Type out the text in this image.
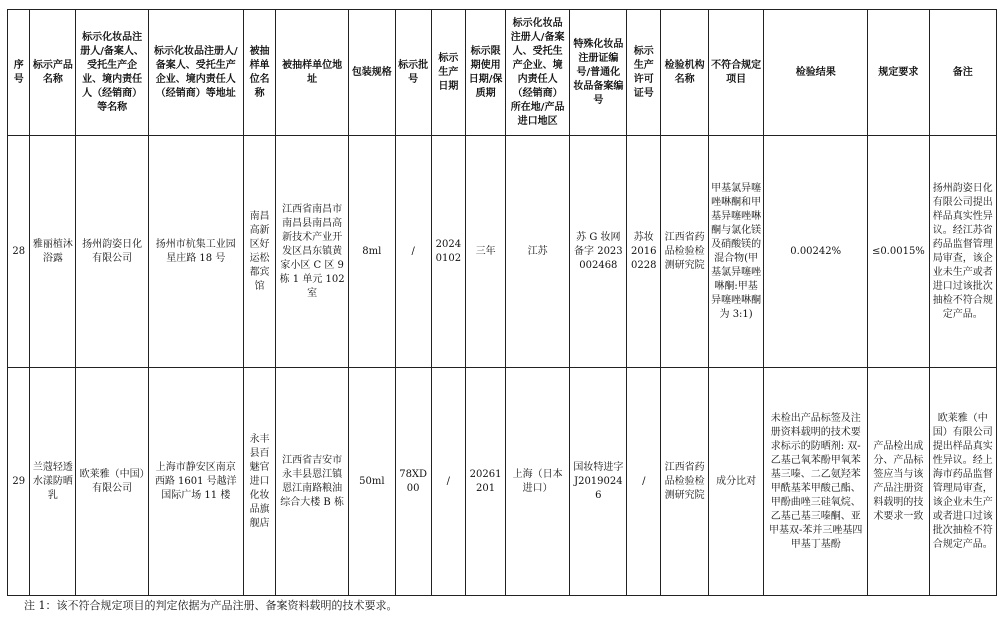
序号	标示产品名称	标示化妆品注册人/备案人、受托生产企业、境内责任人（经销商）等名称	标示化妆品注册人/备案人、受托生产企业、境内责任人（经销商）等地址	被抽样单位名称	被抽样单位地址	包装规格	标示批号	标示生产日期	标示限期使用日期/保质期	标示化妆品注册人/备案人、受托生产企业、境内责任人（经销商）所在地/产品进口地区	特殊化妆品注册证编号/普通化妆品备案编号	标示生产许可证号	检验机构名称	不符合规定项目	检验结果	规定要求	备注
28	雅丽植沐浴露	扬州韵姿日化有限公司	扬州市杭集工业园星庄路 18 号	南昌高新区好运松都宾馆	江西省南昌市南昌县南昌高新技术产业开发区昌东镇黄家小区 C 区 9 栋 1 单元 102 室	8ml	/	20240102	三年	江苏	苏 G 妆网备字 2023002468	苏妆 20160228	江西省药品检验检测研究院	甲基氯异噻唑啉酮和甲基异噻唑啉酮与氯化镁及硝酸镁的混合物(甲基氯异噻唑啉酮:甲基异噻唑啉酮为 3:1)	0.00242%	≤0.0015%	扬州韵姿日化有限公司提出样品真实性异议。经江苏省药品监督管理局审查，该企业未生产或者进口过该批次抽检不符合规定产品。
29	兰蔻轻透水漾防晒乳	欧莱雅（中国）有限公司	上海市静安区南京西路 1601 号越洋国际广场 11 楼	永丰县百魅官进口化妆品旗舰店	江西省吉安市永丰县恩江镇恩江南路粮油综合大楼 B 栋	50ml	78XD00	/	20261201	上海（日本进口）	国妆特进字 J20190246	/	江西省药品检验检测研究院	成分比对	未检出产品标签及注册资料载明的技术要求标示的防晒剂: 双-乙基己氧苯酚甲氧苯基三嗪、二乙氨羟苯甲酰基苯甲酸己酯、甲酚曲唑三硅氧烷、乙基己基三嗪酮、亚甲基双-苯并三唑基四甲基丁基酚	产品检出成分、产品标签应当与该产品注册资料载明的技术要求一致	欧莱雅（中国）有限公司提出样品真实性异议。经上海市药品监督管理局审查，该企业未生产或者进口过该批次抽检不符合规定产品。
注 1：该不符合规定项目的判定依据为产品注册、备案资料载明的技术要求。
